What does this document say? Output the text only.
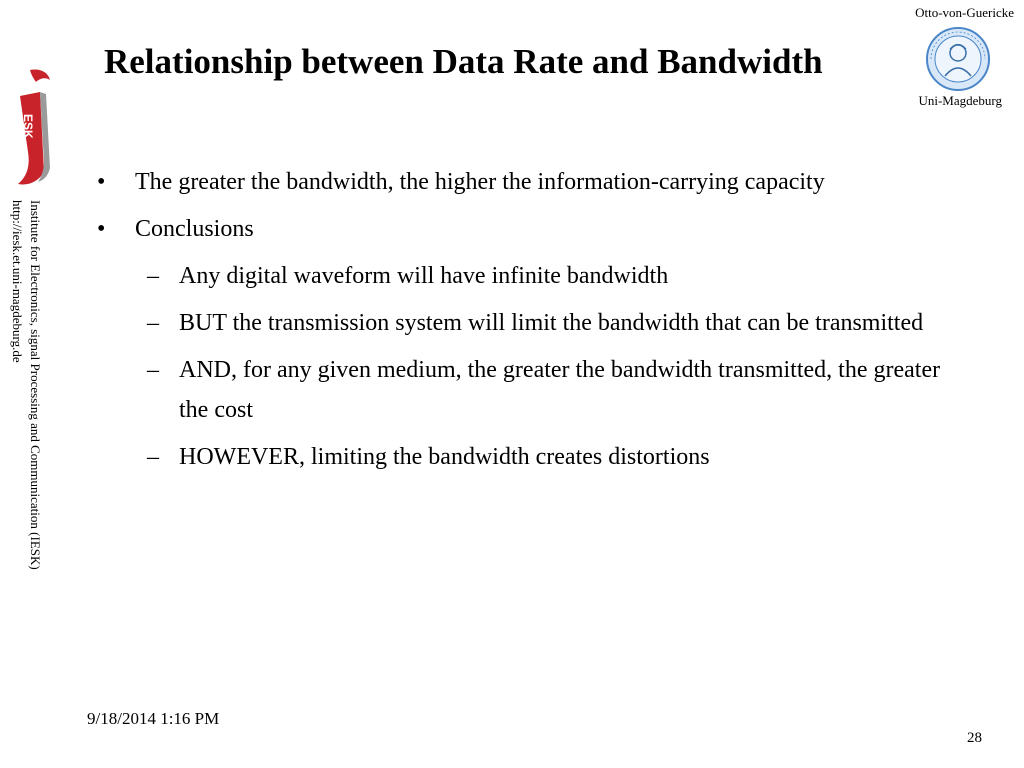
Relationship between Data Rate and Bandwidth
Otto-von-Guericke
Uni-Magdeburg
ESK
Institute for Electronics, signal Processing and Communication (IESK)
http://iesk.et.uni-magdeburg.de
• The greater the bandwidth, the higher the information-carrying capacity
• Conclusions
– Any digital waveform will have infinite bandwidth
– BUT the transmission system will limit the bandwidth that can be transmitted
– AND, for any given medium, the greater the bandwidth transmitted, the greater the cost
– HOWEVER, limiting the bandwidth creates distortions
9/18/2014 1:16 PM
28
